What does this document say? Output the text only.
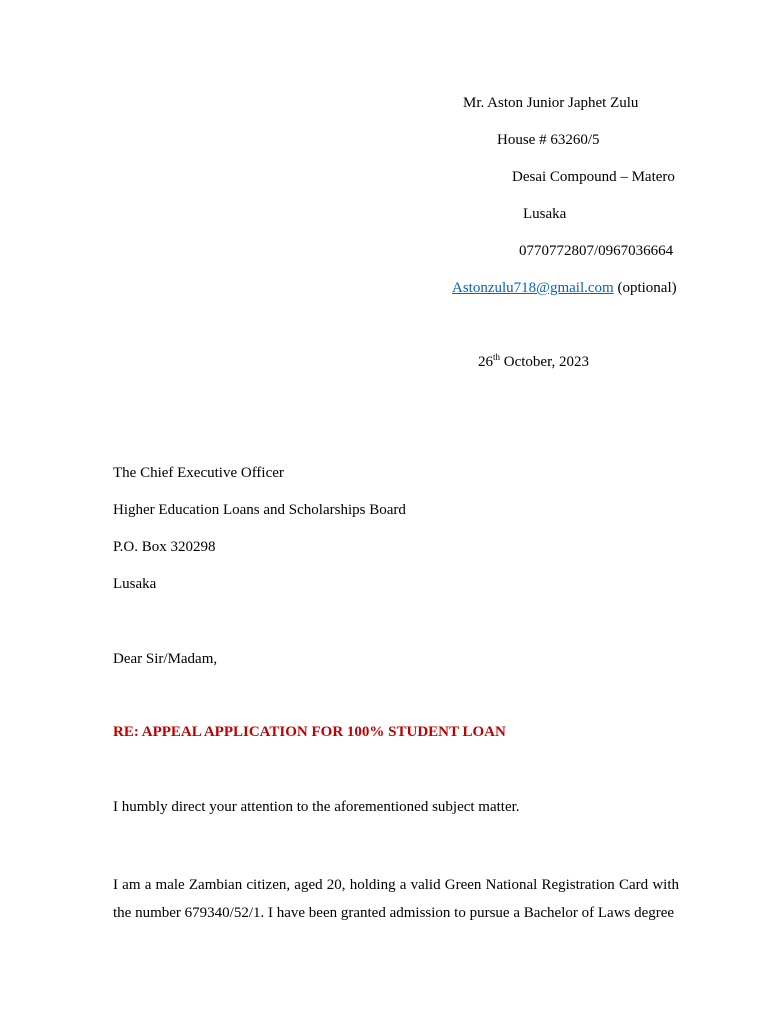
Mr. Aston Junior Japhet Zulu
House # 63260/5
Desai Compound – Matero
Lusaka
0770772807/0967036664
Astonzulu718@gmail.com (optional)
26th October, 2023
The Chief Executive Officer
Higher Education Loans and Scholarships Board
P.O. Box 320298
Lusaka
Dear Sir/Madam,
RE: APPEAL APPLICATION FOR 100% STUDENT LOAN
I humbly direct your attention to the aforementioned subject matter.
I am a male Zambian citizen, aged 20, holding a valid Green National Registration Card with the number 679340/52/1. I have been granted admission to pursue a Bachelor of Laws degree
